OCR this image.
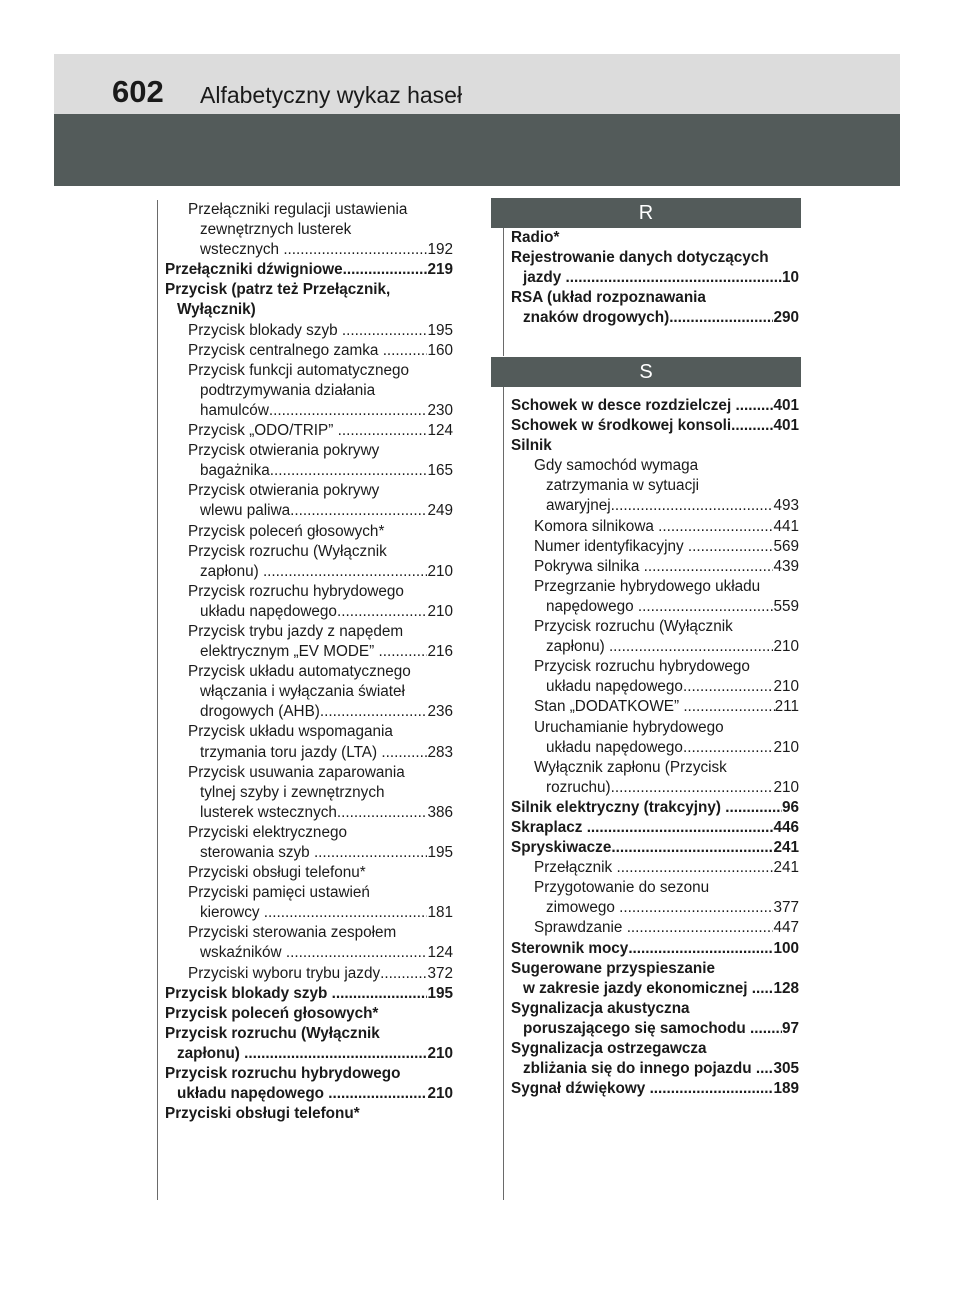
602 Alfabetyczny wykaz haseł
Przełączniki regulacji ustawienia
zewnętrznych lusterek
wstecznych .....	192
Przełączniki dźwigniowe .....	219
Przycisk (patrz też Przełącznik,
Wyłącznik)
Przycisk blokady szyb .....	195
Przycisk centralnego zamka .....	160
Przycisk funkcji automatycznego
podtrzymywania działania
hamulców .....	230
Przycisk „ODO/TRIP” .....	124
Przycisk otwierania pokrywy
bagażnika .....	165
Przycisk otwierania pokrywy
wlewu paliwa .....	249
Przycisk poleceń głosowych*
Przycisk rozruchu (Wyłącznik
zapłonu) .....	210
Przycisk rozruchu hybrydowego
układu napędowego .....	210
Przycisk trybu jazdy z napędem
elektrycznym „EV MODE” .....	216
Przycisk układu automatycznego
włączania i wyłączania świateł
drogowych (AHB) .....	236
Przycisk układu wspomagania
trzymania toru jazdy (LTA) .....	283
Przycisk usuwania zaparowania
tylnej szyby i zewnętrznych
lusterek wstecznych .....	386
Przyciski elektrycznego
sterowania szyb .....	195
Przyciski obsługi telefonu*
Przyciski pamięci ustawień
kierowcy .....	181
Przyciski sterowania zespołem
wskaźników .....	124
Przyciski wyboru trybu jazdy .....	372
Przycisk blokady szyb .....	195
Przycisk poleceń głosowych*
Przycisk rozruchu (Wyłącznik
zapłonu) .....	210
Przycisk rozruchu hybrydowego
układu napędowego .....	210
Przyciski obsługi telefonu*
R
Radio*
Rejestrowanie danych dotyczących
jazdy .....	10
RSA (układ rozpoznawania
znaków drogowych) .....	290
S
Schowek w desce rozdzielczej ..... 401
Schowek w środkowej konsoli .....	401
Silnik
Gdy samochód wymaga
zatrzymania w sytuacji
awaryjnej .....	493
Komora silnikowa .....	441
Numer identyfikacyjny .....	569
Pokrywa silnika .....	439
Przegrzanie hybrydowego układu
napędowego .....	559
Przycisk rozruchu (Wyłącznik
zapłonu) .....	210
Przycisk rozruchu hybrydowego
układu napędowego .....	210
Stan „DODATKOWE” .....	211
Uruchamianie hybrydowego
układu napędowego .....	210
Wyłącznik zapłonu (Przycisk
rozruchu) .....	210
Silnik elektryczny (trakcyjny) .....	96
Skraplacz .....	446
Spryskiwacze .....	241
Przełącznik .....	241
Przygotowanie do sezonu
zimowego .....	377
Sprawdzanie .....	447
Sterownik mocy .....	100
Sugerowane przyspieszanie
w zakresie jazdy ekonomicznej ..... 128
Sygnalizacja akustyczna
poruszającego się samochodu ..... 97
Sygnalizacja ostrzegawcza
zbliżania się do innego pojazdu ..... 305
Sygnał dźwiękowy .....	189
